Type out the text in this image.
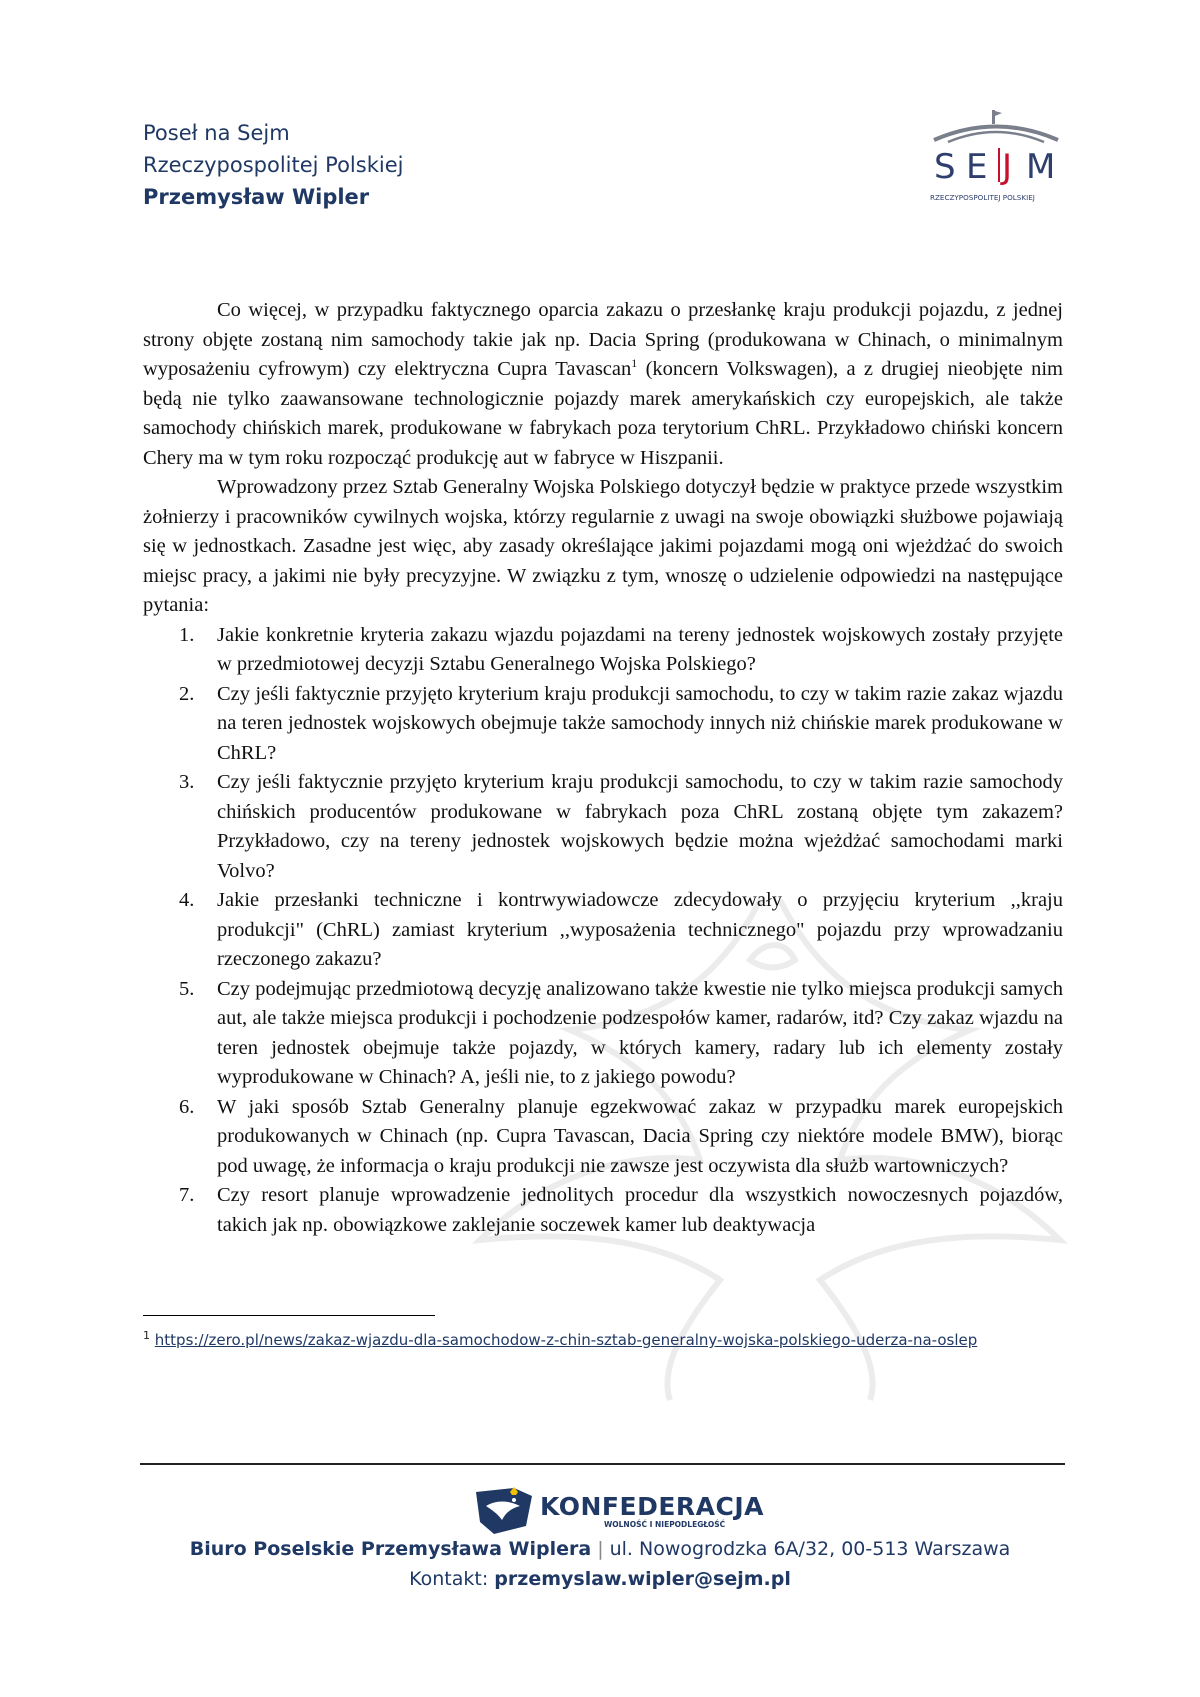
Poseł na Sejm
Rzeczypospolitej Polskiej
Przemysław Wipler
S E J M
RZECZYPOSPOLITEJ POLSKIEJ

Co więcej, w przypadku faktycznego oparcia zakazu o przesłankę kraju produkcji pojazdu, z jednej strony objęte zostaną nim samochody takie jak np. Dacia Spring (produkowana w Chinach, o minimalnym wyposażeniu cyfrowym) czy elektryczna Cupra Tavascan$^1$ (koncern Volkswagen), a z drugiej nieobjęte nim będą nie tylko zaawansowane technologicznie pojazdy marek amerykańskich czy europejskich, ale także samochody chińskich marek, produkowane w fabrykach poza terytorium ChRL. Przykładowo chiński koncern Chery ma w tym roku rozpocząć produkcję aut w fabryce w Hiszpanii.

Wprowadzony przez Sztab Generalny Wojska Polskiego dotyczył będzie w praktyce przede wszystkim żołnierzy i pracowników cywilnych wojska, którzy regularnie z uwagi na swoje obowiązki służbowe pojawiają się w jednostkach. Zasadne jest więc, aby zasady określające jakimi pojazdami mogą oni wjeżdżać do swoich miejsc pracy, a jakimi nie były precyzyjne. W związku z tym, wnoszę o udzielenie odpowiedzi na następujące pytania:

1. Jakie konkretnie kryteria zakazu wjazdu pojazdami na tereny jednostek wojskowych zostały przyjęte w przedmiotowej decyzji Sztabu Generalnego Wojska Polskiego?
2. Czy jeśli faktycznie przyjęto kryterium kraju produkcji samochodu, to czy w takim razie zakaz wjazdu na teren jednostek wojskowych obejmuje także samochody innych niż chińskie marek produkowane w ChRL?
3. Czy jeśli faktycznie przyjęto kryterium kraju produkcji samochodu, to czy w takim razie samochody chińskich producentów produkowane w fabrykach poza ChRL zostaną objęte tym zakazem? Przykładowo, czy na tereny jednostek wojskowych będzie można wjeżdżać samochodami marki Volvo?
4. Jakie przesłanki techniczne i kontrwywiadowcze zdecydowały o przyjęciu kryterium ,,kraju produkcji" (ChRL) zamiast kryterium ,,wyposażenia technicznego" pojazdu przy wprowadzaniu rzeczonego zakazu?
5. Czy podejmując przedmiotową decyzję analizowano także kwestie nie tylko miejsca produkcji samych aut, ale także miejsca produkcji i pochodzenie podzespołów kamer, radarów, itd? Czy zakaz wjazdu na teren jednostek obejmuje także pojazdy, w których kamery, radary lub ich elementy zostały wyprodukowane w Chinach? A, jeśli nie, to z jakiego powodu?
6. W jaki sposób Sztab Generalny planuje egzekwować zakaz w przypadku marek europejskich produkowanych w Chinach (np. Cupra Tavascan, Dacia Spring czy niektóre modele BMW), biorąc pod uwagę, że informacja o kraju produkcji nie zawsze jest oczywista dla służb wartowniczych?
7. Czy resort planuje wprowadzenie jednolitych procedur dla wszystkich nowoczesnych pojazdów, takich jak np. obowiązkowe zaklejanie soczewek kamer lub deaktywacja
$^1$ https://zero.pl/news/zakaz-wjazdu-dla-samochodow-z-chin-sztab-generalny-wojska-polskiego-uderza-na-oslep
KONFEDERACJA
WOLNOŚĆ I NIEPODLEGŁOŚĆ
Biuro Poselskie Przemysława Wiplera | ul. Nowogrodzka 6A/32, 00-513 Warszawa
Kontakt: przemyslaw.wipler@sejm.pl
